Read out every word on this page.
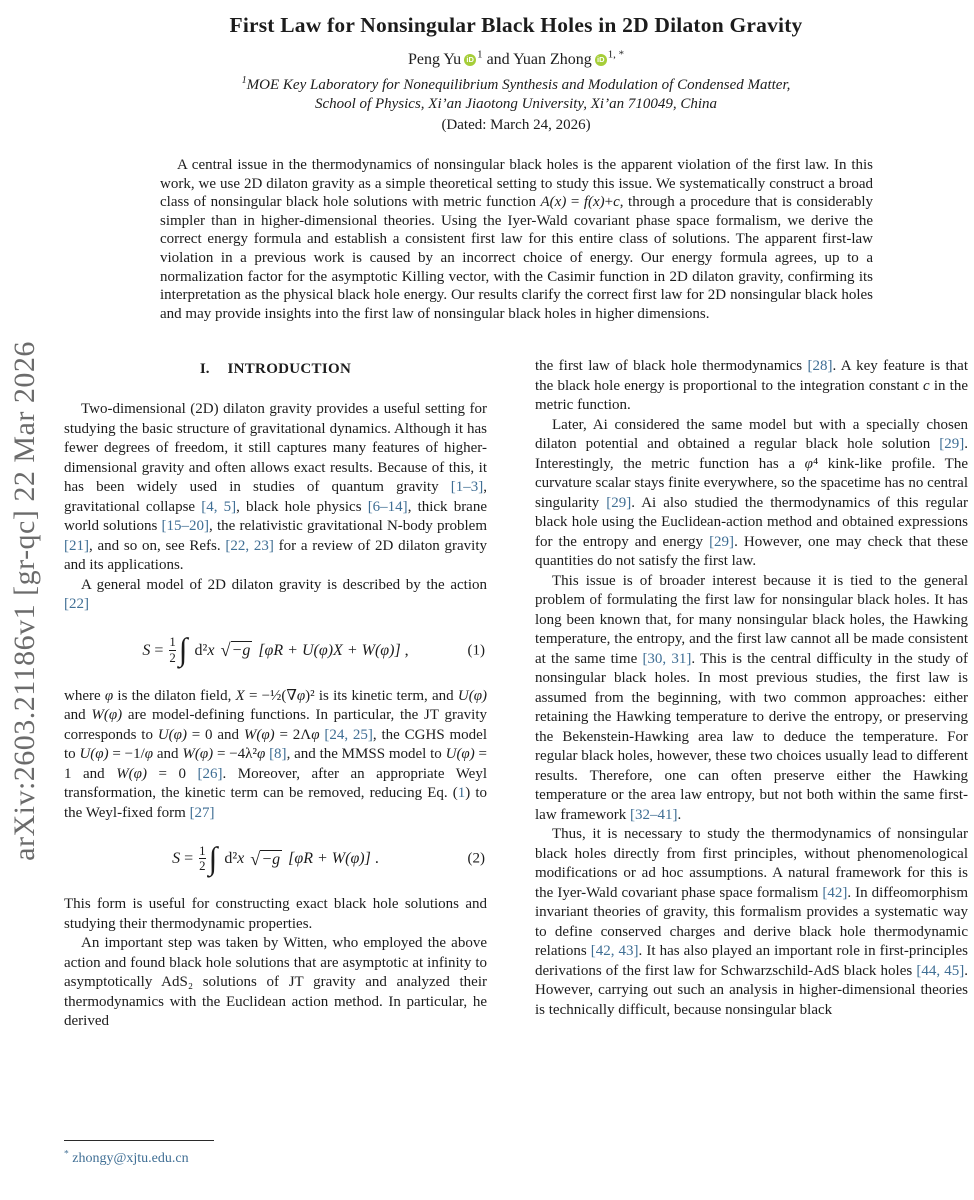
arXiv:2603.21186v1 [gr-qc] 22 Mar 2026
First Law for Nonsingular Black Holes in 2D Dilaton Gravity
Peng Yu iD $^1$ and Yuan Zhong iD $^{1, *}$
$^1$MOE Key Laboratory for Nonequilibrium Synthesis and Modulation of Condensed Matter,
School of Physics, Xi’an Jiaotong University, Xi’an 710049, China
(Dated: March 24, 2026)
A central issue in the thermodynamics of nonsingular black holes is the apparent violation of the first law. In this work, we use 2D dilaton gravity as a simple theoretical setting to study this issue. We systematically construct a broad class of nonsingular black hole solutions with metric function A(x) = f(x)+c, through a procedure that is considerably simpler than in higher-dimensional theories. Using the Iyer-Wald covariant phase space formalism, we derive the correct energy formula and establish a consistent first law for this entire class of solutions. The apparent first-law violation in a previous work is caused by an incorrect choice of energy. Our energy formula agrees, up to a normalization factor for the asymptotic Killing vector, with the Casimir function in 2D dilaton gravity, confirming its interpretation as the physical black hole energy. Our results clarify the correct first law for 2D nonsingular black holes and may provide insights into the first law of nonsingular black holes in higher dimensions.
I. INTRODUCTION

Two-dimensional (2D) dilaton gravity provides a useful setting for studying the basic structure of gravitational dynamics. Although it has fewer degrees of freedom, it still captures many features of higher-dimensional gravity and often allows exact results. Because of this, it has been widely used in studies of quantum gravity [1–3], gravitational collapse [4, 5], black hole physics [6–14], thick brane world solutions [15–20], the relativistic gravitational N-body problem [21], and so on, see Refs. [22, 23] for a review of 2D dilaton gravity and its applications.

A general model of 2D dilaton gravity is described by the action [22]

$S = \frac{1}{2}$ ∫ d² x
√ −g
[φR + U(φ)X + W(φ)] ,	(1)

where φ is the dilaton field, X = −½(∇φ)² is its kinetic term, and U(φ) and W(φ) are model-defining functions. In particular, the JT gravity corresponds to U(φ) = 0 and W(φ) = 2Λφ [24, 25], the CGHS model to U(φ) = −1/φ and W(φ) = −4λ²φ [8], and the MMSS model to U(φ) = 1 and W(φ) = 0 [26]. Moreover, after an appropriate Weyl transformation, the kinetic term can be removed, reducing Eq. (1) to the Weyl-fixed form [27]

$S = \frac{1}{2}$ ∫ d² x
√ −g
[φR + W(φ)] .	(2)

This form is useful for constructing exact black hole solutions and studying their thermodynamic properties.

An important step was taken by Witten, who employed the above action and found black hole solutions that are asymptotic at infinity to asymptotically AdS₂ solutions of JT gravity and analyzed their thermodynamics with the Euclidean action method. In particular, he derived

the first law of black hole thermodynamics [28]. A key feature is that the black hole energy is proportional to the integration constant c in the metric function.

Later, Ai considered the same model but with a specially chosen dilaton potential and obtained a regular black hole solution [29]. Interestingly, the metric function has a φ⁴ kink-like profile. The curvature scalar stays finite everywhere, so the spacetime has no central singularity [29]. Ai also studied the thermodynamics of this regular black hole using the Euclidean-action method and obtained expressions for the entropy and energy [29]. However, one may check that these quantities do not satisfy the first law.

This issue is of broader interest because it is tied to the general problem of formulating the first law for nonsingular black holes. It has long been known that, for many nonsingular black holes, the Hawking temperature, the entropy, and the first law cannot all be made consistent at the same time [30, 31]. This is the central difficulty in the study of nonsingular black holes. In most previous studies, the first law is assumed from the beginning, with two common approaches: either retaining the Hawking temperature to derive the entropy, or preserving the Bekenstein-Hawking area law to deduce the temperature. For regular black holes, however, these two choices usually lead to different results. Therefore, one can often preserve either the Hawking temperature or the area law entropy, but not both within the same first-law framework [32–41].

Thus, it is necessary to study the thermodynamics of nonsingular black holes directly from first principles, without phenomenological modifications or ad hoc assumptions. A natural framework for this is the Iyer-Wald covariant phase space formalism [42]. In diffeomorphism invariant theories of gravity, this formalism provides a systematic way to define conserved charges and derive black hole thermodynamic relations [42, 43]. It has also played an important role in first-principles derivations of the first law for Schwarzschild-AdS black holes [44, 45]. However, carrying out such an analysis in higher-dimensional theories is technically difficult, because nonsingular black

* zhongy@xjtu.edu.cn
